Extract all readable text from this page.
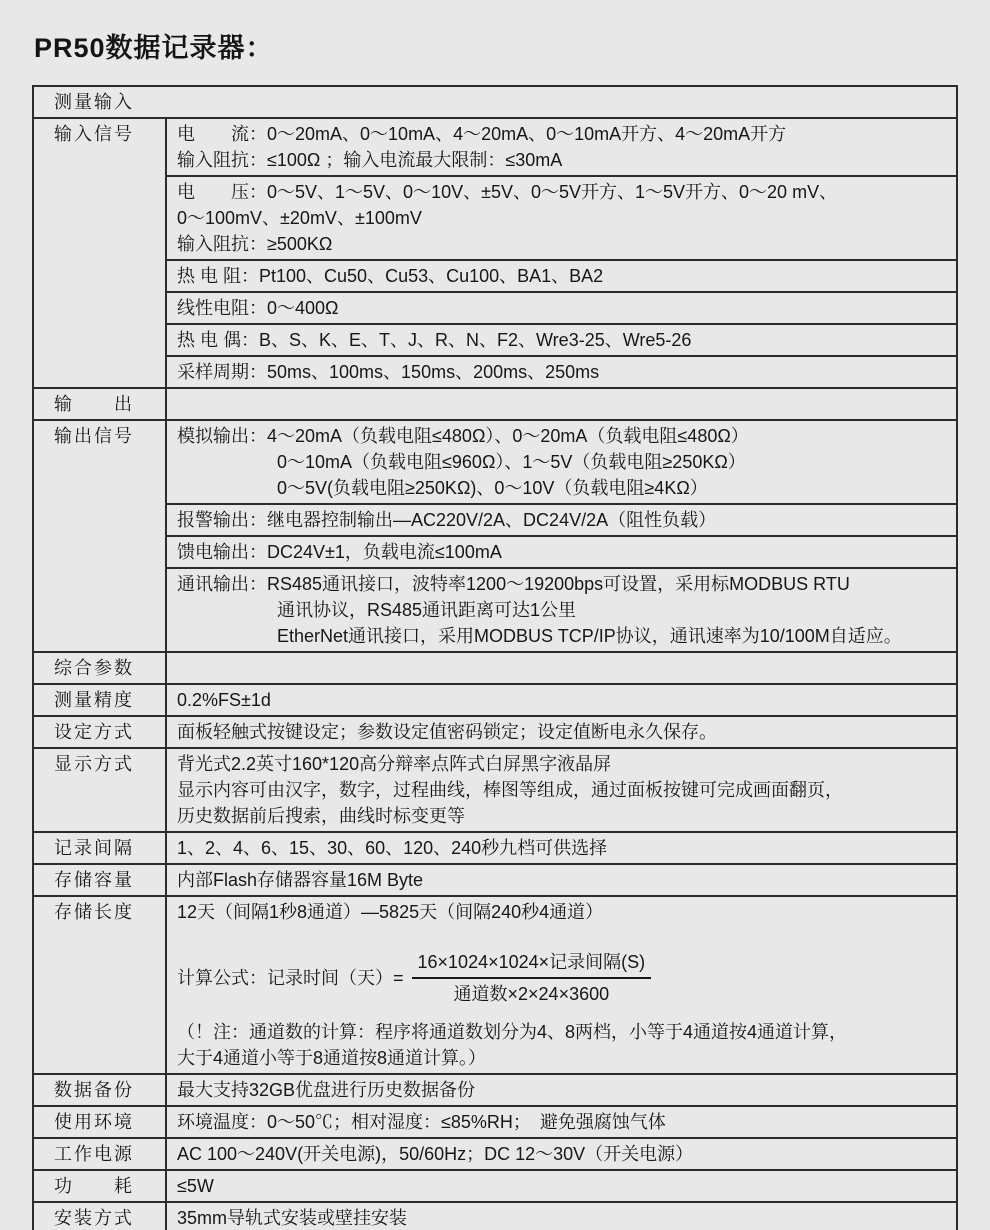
PR50数据记录器：
测量输入	
输入信号	电　　流：0～20mA、0～10mA、4～20mA、0～10mA开方、4～20mA开方
输入阻抗：≤100Ω ；输入电流最大限制：≤30mA

	电　　压：0～5V、1～5V、0～10V、±5V、0～5V开方、1～5V开方、0～20 mV、
0～100mV、±20mV、±100mV
输入阻抗：≥500KΩ

	热 电 阻：Pt100、Cu50、Cu53、Cu100、BA1、BA2
	线性电阻：0～400Ω
	热 电 偶：B、S、K、E、T、J、R、N、F2、Wre3-25、Wre5-26
	采样周期：50ms、100ms、150ms、200ms、250ms
输　　出	

输出信号	模拟输出：4～20mA（负载电阻≤480Ω）、0～20mA（负载电阻≤480Ω）
0～10mA（负载电阻≤960Ω）、1～5V（负载电阻≥250KΩ）
0～5V(负载电阻≥250KΩ)、0～10V（负载电阻≥4KΩ）

	报警输出：继电器控制输出—AC220V/2A、DC24V/2A（阻性负载）
	馈电输出：DC24V±1，负载电流≤100mA

	通讯输出：RS485通讯接口，波特率1200～19200bps可设置，采用标MODBUS RTU
通讯协议，RS485通讯距离可达1公里
EtherNet通讯接口，采用MODBUS TCP/IP协议，通讯速率为10/100M自适应。

综合参数	

测量精度	0.2%FS±1d
设定方式	面板轻触式按键设定；参数设定值密码锁定；设定值断电永久保存。
显示方式	背光式2.2英寸160*120高分辩率点阵式白屏黑字液晶屏
显示内容可由汉字，数字，过程曲线，棒图等组成，通过面板按键可完成画面翻页，
历史数据前后搜索，曲线时标变更等

记录间隔	1、2、4、6、15、30、60、120、240秒九档可供选择
存储容量	内部Flash存储器容量16M Byte
存储长度	12天（间隔1秒8通道）—5825天（间隔240秒4通道）
计算公式：记录时间（天）= $\frac{\text{16×1024×1024×记录间隔(S)}}{\text{通道数×2×24×3600}}$
（！注：通道数的计算：程序将通道数划分为4、8两档，小等于4通道按4通道计算，
大于4通道小等于8通道按8通道计算。）

数据备份	最大支持32GB优盘进行历史数据备份
使用环境	环境温度：0～50℃；相对湿度：≤85%RH；　避免强腐蚀气体
工作电源	AC 100～240V(开关电源)，50/60Hz；DC 12～30V（开关电源）
功　　耗	≤5W
安装方式	35mm导轨式安装或壁挂安装
